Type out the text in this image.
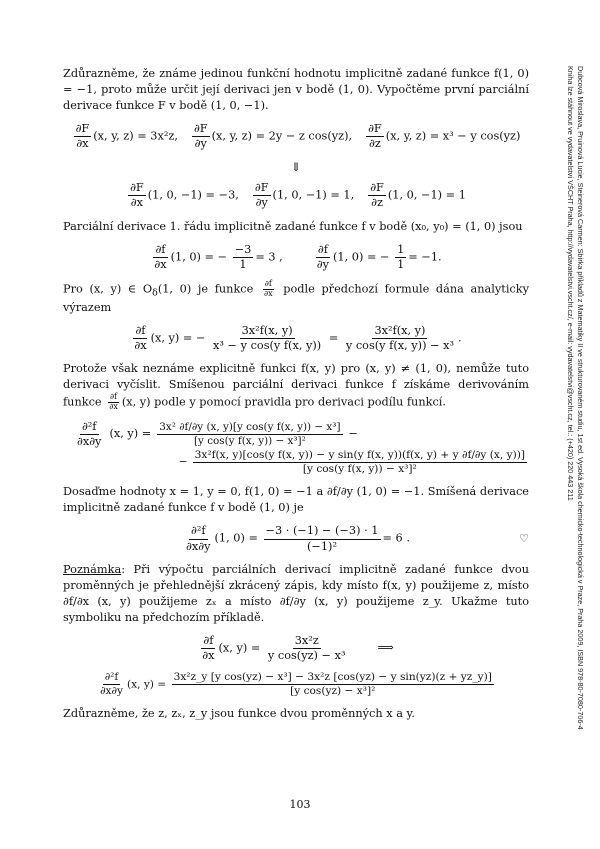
Zdůrazněme, že známe jedinou funkční hodnotu implicitně zadané funkce f(1, 0) = −1, proto může určit její derivaci jen v bodě (1, 0). Vypočtěme první parciální derivace funkce F v bodě (1, 0, −1).

$\frac{\partial F}{\partial x} (x$, y, z) = 3x²z, $\frac{\partial F}{\partial y} (x$, y, z) = 2y − z cos(yz), $\frac{\partial F}{\partial z} (x$, y, z) = x³ − y cos(yz)
⇓
$\frac{\partial F}{\partial x} (1$, 0, −1) = −3, $\frac{\partial F}{\partial y} (1$, 0, −1) = 1, $\frac{\partial F}{\partial z} (1$, 0, −1) = 1

Parciální derivace 1. řádu implicitně zadané funkce f v bodě (x₀, y₀) = (1, 0) jsou

$\frac{\partial f}{\partial x} (1$, 0) = − $\frac{-3}{1} = 3$ ,	$\frac{\partial f}{\partial y} (1$, 0) = − $\frac{1}{1} = -1$.

Pro (x, y) ∈ $O_\delta(1$, 0) je funkce $\frac{\partial f}{\partial x}$ podle předchozí formule dána analyticky výrazem

$\frac{\partial f}{\partial x} (x$, y) = − $\frac{\text{3x²f(x, y)}}{\text{x³ − y cos(y f(x, y))}} = \frac{\text{3x²f(x, y)}}{\text{y cos(y f(x, y)) − x³}}$ .

Protože však neznáme explicitně funkci f(x, y) pro (x, y) ≠ (1, 0), nemůže tuto derivaci vyčíslit. Smíšenou parciální derivaci funkce f získáme derivováním funkce $\frac{\partial f}{\partial x} (x$, y) podle y pomocí pravidla pro derivaci podílu funkcí.

$\frac{\text{∂²f}}{\partial x\partial y} (x$, $y) = \frac{\text{3x² ∂f/∂y (x, y)[y cos(y f(x, y)) − x³]}}{\text{[y cos(y f(x, y)) − x³]²}}$ −
−
3x²f(x, y)[cos(y f(x, y)) − y sin(y f(x, y))(f(x, y) + y ∂f/∂y (x, y))]
[y cos(y f(x, y)) − x³]²

Dosaďme hodnoty x = 1, y = 0, f(1, 0) = −1 a ∂f/∂y (1, 0) = −1. Smíšená derivace implicitně zadané funkce f v bodě (1, 0) je

$\frac{\text{∂²f}}{\partial x\partial y} (1$, $0) = \frac{-3 \cdot (-1) - (-3) \cdot 1}{\text{(−1)²}} = 6$ .	♡

Poznámka: Při výpočtu parciálních derivací implicitně zadané funkce dvou proměnných je přehlednější zkrácený zápis, kdy místo f(x, y) použijeme z, místo ∂f/∂x (x, y) použijeme zₓ a místo ∂f/∂y (x, y) použijeme z_y. Ukažme tuto symboliku na předchozím příkladě.

$\frac{\partial f}{\partial x} (x$, $y) = \frac{\text{3x²z}}{\text{y cos(yz) − x³}}$	⟹
$\frac{\text{∂²f}}{\partial x\partial y} (x$, y) =
3x²z_y [y cos(yz) − x³] − 3x²z [cos(yz) − y sin(yz)(z + yz_y)]
[y cos(yz) − x³]²

Zdůrazněme, že z, zₓ, z_y jsou funkce dvou proměnných x a y.

103
Dubcová Miroslava, Pruinová Lucie, Steinerová Carmen: Sbírka příkladů z Matematiky II ve strukturovaném studiu, 1st ed. Vysoká škola chemicko-technologická v Praze, Praha 2009, ISBN 978-80-7080-706-4
Kniha lze stáhnout ve vydavatelství VŠCHT Praha, http://vydavatelstvi.vscht.cz/, e-mail: vydavatelstvi@vscht.cz, tel.: (+420) 220 443 211
